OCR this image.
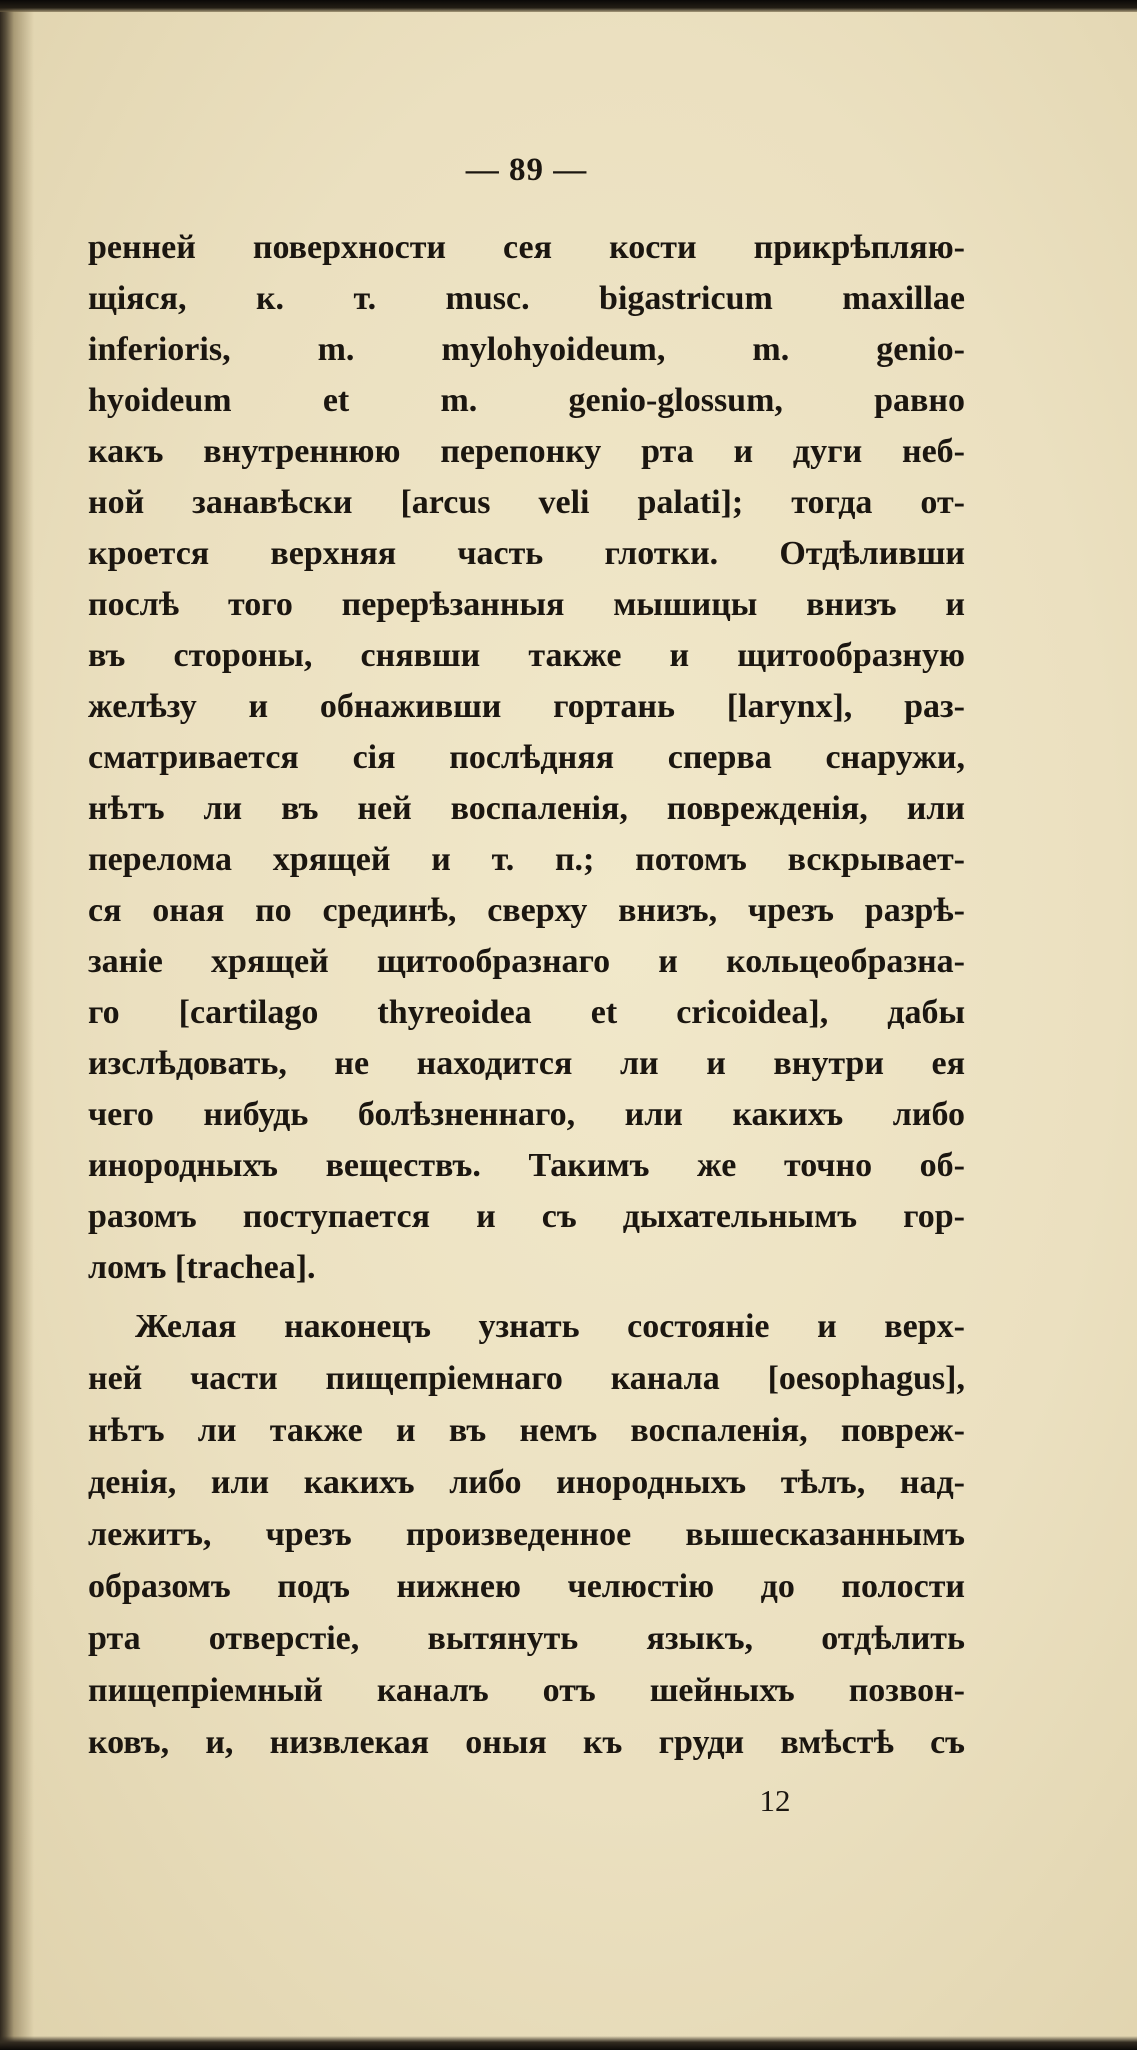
— 89 —
ренней поверхности сея кости прикрѣпляю-
щіяся, к. т. musc. bigastricum maxillae
inferioris, m. mylohyoideum, m. genio-
hyoideum et m. genio-glossum, равно
какъ внутреннюю перепонку рта и дуги неб-
ной занавѣски [arcus veli palati]; тогда от-
кроется верхняя часть глотки. Отдѣливши
послѣ того перерѣзанныя мышицы внизъ и
въ стороны, снявши также и щитообразную
желѣзу и обнаживши гортань [larynx], раз-
сматривается сія послѣдняя сперва снаружи,
нѣтъ ли въ ней воспаленія, поврежденія, или
перелома хрящей и т. п.; потомъ вскрывает-
ся оная по срединѣ, сверху внизъ, чрезъ разрѣ-
заніе хрящей щитообразнаго и кольцеобразна-
го [cartilago thyreoidea et cricoidea], дабы
изслѣдовать, не находится ли и внутри ея
чего нибудь болѣзненнаго, или какихъ либо
инородныхъ веществъ. Такимъ же точно об-
разомъ поступается и съ дыхательнымъ гор-
ломъ [trachea].
Желая наконецъ узнать состояніе и верх-
ней части пищепріемнаго канала [oesophagus],
нѣтъ ли также и въ немъ воспаленія, повреж-
денія, или какихъ либо инородныхъ тѣлъ, над-
лежитъ, чрезъ произведенное вышесказаннымъ
образомъ подъ нижнею челюстію до полости
рта отверстіе, вытянуть языкъ, отдѣлить
пищепріемный каналъ отъ шейныхъ позвон-
ковъ, и, низвлекая оныя къ груди вмѣстѣ съ
12
